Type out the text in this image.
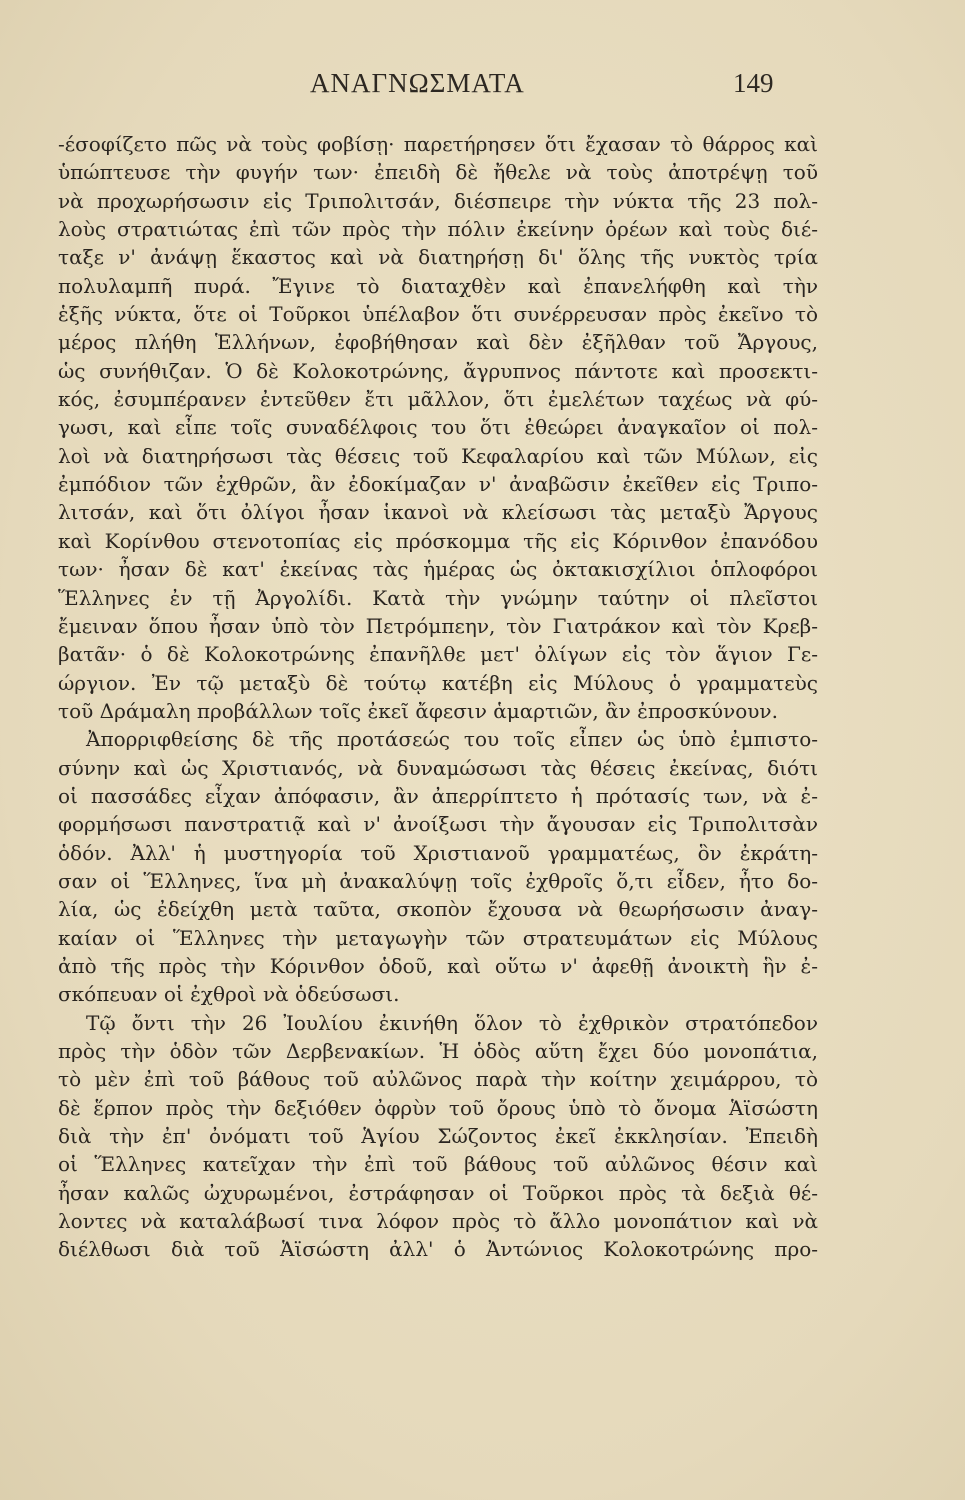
ΑΝΑΓΝΩΣΜΑΤΑ	149
-έσοφίζετο πῶς νὰ τοὺς φοβίσῃ· παρετήρησεν ὅτι ἔχασαν τὸ θάρρος καὶ
ὑπώπτευσε τὴν φυγήν των· ἐπειδὴ δὲ ἤθελε νὰ τοὺς ἀποτρέψῃ τοῦ
νὰ προχωρήσωσιν εἰς Τριπολιτσάν, διέσπειρε τὴν νύκτα τῆς 23 πολ-
λοὺς στρατιώτας ἐπὶ τῶν πρὸς τὴν πόλιν ἐκείνην ὀρέων καὶ τοὺς διέ-
ταξε ν' ἀνάψῃ ἕκαστος καὶ νὰ διατηρήσῃ δι' ὅλης τῆς νυκτὸς τρία
πολυλαμπῆ πυρά. Ἔγινε τὸ διαταχθὲν καὶ ἐπανελήφθη καὶ τὴν
ἑξῆς νύκτα, ὅτε οἱ Τοῦρκοι ὑπέλαβον ὅτι συνέρρευσαν πρὸς ἐκεῖνο τὸ
μέρος πλήθη Ἑλλήνων, ἐφοβήθησαν καὶ δὲν ἐξῆλθαν τοῦ Ἄργους,
ὡς συνήθιζαν. Ὁ δὲ Κολοκοτρώνης, ἄγρυπνος πάντοτε καὶ προσεκτι-
κός, ἐσυμπέρανεν ἐντεῦθεν ἔτι μᾶλλον, ὅτι ἐμελέτων ταχέως νὰ φύ-
γωσι, καὶ εἶπε τοῖς συναδέλφοις του ὅτι ἐθεώρει ἀναγκαῖον οἱ πολ-
λοὶ νὰ διατηρήσωσι τὰς θέσεις τοῦ Κεφαλαρίου καὶ τῶν Μύλων, εἰς
ἐμπόδιον τῶν ἐχθρῶν, ἂν ἐδοκίμαζαν ν' ἀναβῶσιν ἐκεῖθεν εἰς Τριπο-
λιτσάν, καὶ ὅτι ὀλίγοι ἦσαν ἱκανοὶ νὰ κλείσωσι τὰς μεταξὺ Ἄργους
καὶ Κορίνθου στενοτοπίας εἰς πρόσκομμα τῆς εἰς Κόρινθον ἐπανόδου
των· ἦσαν δὲ κατ' ἐκείνας τὰς ἡμέρας ὡς ὀκτακισχίλιοι ὁπλοφόροι
Ἕλληνες ἐν τῇ Ἀργολίδι. Κατὰ τὴν γνώμην ταύτην οἱ πλεῖστοι
ἔμειναν ὅπου ἦσαν ὑπὸ τὸν Πετρόμπεην, τὸν Γιατράκον καὶ τὸν Κρεβ-
βατᾶν· ὁ δὲ Κολοκοτρώνης ἐπανῆλθε μετ' ὀλίγων εἰς τὸν ἅγιον Γε-
ώργιον. Ἐν τῷ μεταξὺ δὲ τούτῳ κατέβη εἰς Μύλους ὁ γραμματεὺς
τοῦ Δράμαλη προβάλλων τοῖς ἐκεῖ ἄφεσιν ἁμαρτιῶν, ἂν ἐπροσκύνουν.
Ἀπορριφθείσης δὲ τῆς προτάσεώς του τοῖς εἶπεν ὡς ὑπὸ ἐμπιστο-
σύνην καὶ ὡς Χριστιανός, νὰ δυναμώσωσι τὰς θέσεις ἐκείνας, διότι
οἱ πασσάδες εἶχαν ἀπόφασιν, ἂν ἀπερρίπτετο ἡ πρότασίς των, νὰ ἐ-
φορμήσωσι πανστρατιᾷ καὶ ν' ἀνοίξωσι τὴν ἄγουσαν εἰς Τριπολιτσὰν
ὁδόν. Ἀλλ' ἡ μυστηγορία τοῦ Χριστιανοῦ γραμματέως, ὃν ἐκράτη-
σαν οἱ Ἕλληνες, ἵνα μὴ ἀνακαλύψῃ τοῖς ἐχθροῖς ὅ,τι εἶδεν, ἦτο δο-
λία, ὡς ἐδείχθη μετὰ ταῦτα, σκοπὸν ἔχουσα νὰ θεωρήσωσιν ἀναγ-
καίαν οἱ Ἕλληνες τὴν μεταγωγὴν τῶν στρατευμάτων εἰς Μύλους
ἀπὸ τῆς πρὸς τὴν Κόρινθον ὁδοῦ, καὶ οὕτω ν' ἀφεθῇ ἀνοικτὴ ἣν ἐ-
σκόπευαν οἱ ἐχθροὶ νὰ ὁδεύσωσι.
Τῷ ὄντι τὴν 26 Ἰουλίου ἐκινήθη ὅλον τὸ ἐχθρικὸν στρατόπεδον
πρὸς τὴν ὁδὸν τῶν Δερβενακίων. Ἡ ὁδὸς αὕτη ἔχει δύο μονοπάτια,
τὸ μὲν ἐπὶ τοῦ βάθους τοῦ αὐλῶνος παρὰ τὴν κοίτην χειμάρρου, τὸ
δὲ ἕρπον πρὸς τὴν δεξιόθεν ὀφρὺν τοῦ ὄρους ὑπὸ τὸ ὄνομα Ἁϊσώστη
διὰ τὴν ἐπ' ὀνόματι τοῦ Ἁγίου Σώζοντος ἐκεῖ ἐκκλησίαν. Ἐπειδὴ
οἱ Ἕλληνες κατεῖχαν τὴν ἐπὶ τοῦ βάθους τοῦ αὐλῶνος θέσιν καὶ
ἦσαν καλῶς ὠχυρωμένοι, ἐστράφησαν οἱ Τοῦρκοι πρὸς τὰ δεξιὰ θέ-
λοντες νὰ καταλάβωσί τινα λόφον πρὸς τὸ ἄλλο μονοπάτιον καὶ νὰ
διέλθωσι διὰ τοῦ Ἁϊσώστη ἀλλ' ὁ Ἀντώνιος Κολοκοτρώνης προ-
